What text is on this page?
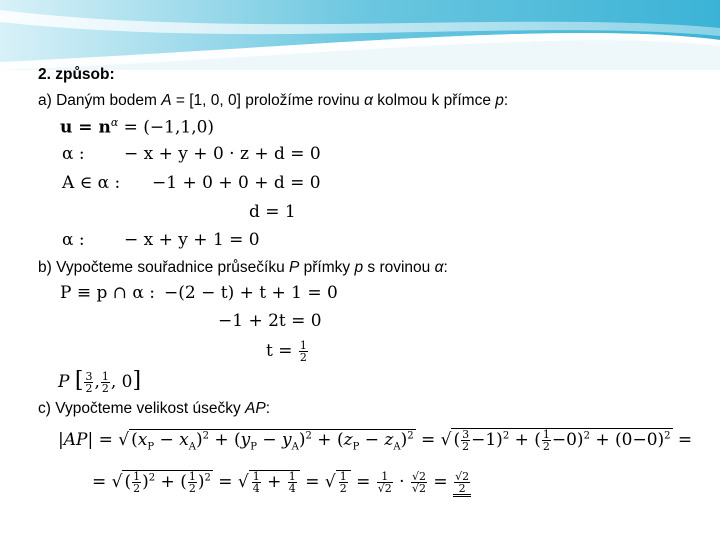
2. způsob:
a) Daným bodem A = [1, 0, 0] proložíme rovinu α kolmou k přímce p:
$u = n^\alpha = (-1,1,0)$
α : − x + y + 0 · z + d = 0
A ∈ α : −1 + 0 + 0 + d = 0
d = 1
α : − x + y + 1 = 0
b) Vypočteme souřadnice průsečíku P přímky p s rovinou α:
P ≡ p ∩ α : −(2 − t) + t + 1 = 0
−1 + 2t = 0
$t = \frac{1}{2}$
P [ $\frac{3}{2}$ , $\frac{1}{2}$ , 0]
c) Vypočteme velikost úsečky AP:
|AP| = √ $(x_P - x_A)^2 + (y_P - y_A)^2 + (z_P - z_A)^2$ = √ ( $\frac{3}{2} -1)^2$ + ( $\frac{1}{2} -0)^2 + (0-0)^2$ =
= √ ( $\frac{1}{2} )^2$ + ( $\frac{1}{2} )^2$ = √ $\frac{1}{4} + \frac{1}{4}$ = √ $\frac{1}{2} = \frac{1}{√2} \cdot \frac{√2}{√2} = \frac{√2}{2}$
